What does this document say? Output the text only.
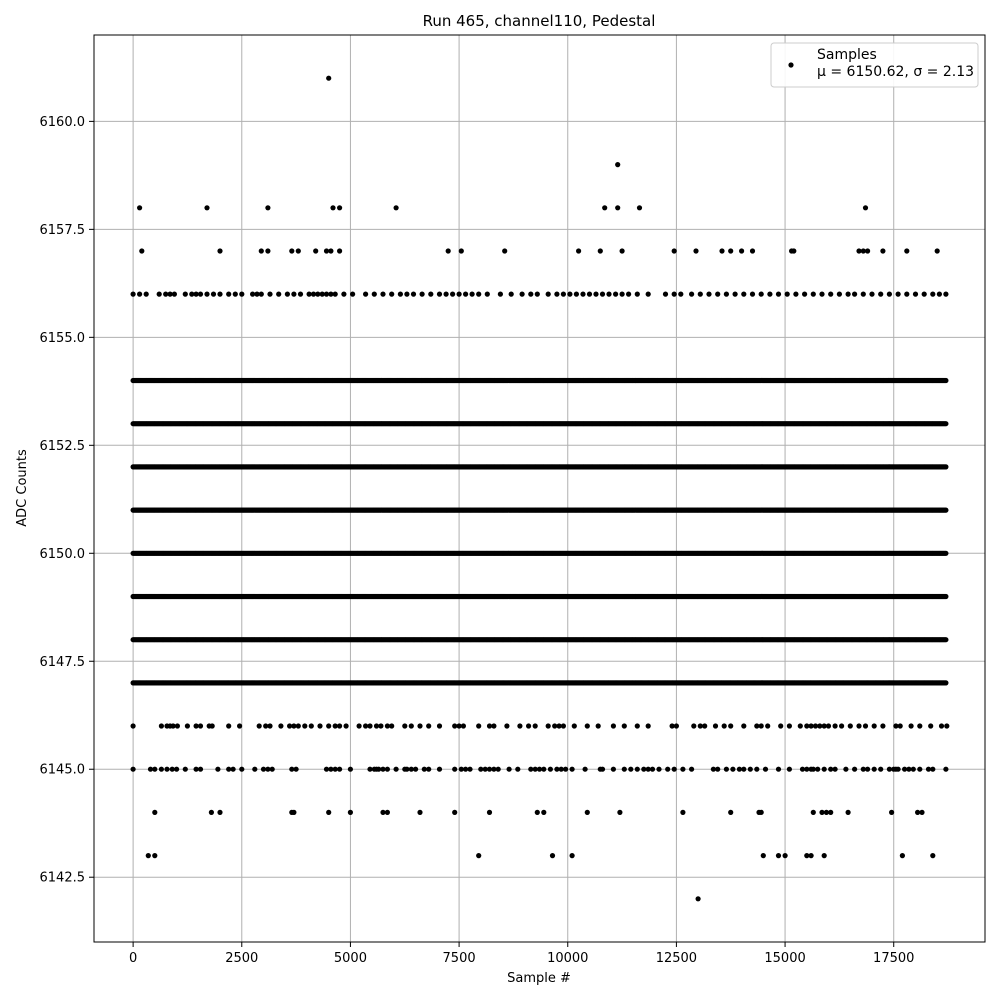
Run 465, channel110, Pedestal
0	2500	5000	7500	10000	12500	15000	17500
6142.5
6145.0
6147.5
6150.0
6152.5
6155.0
6157.5
6160.0
Sample #
ADC Counts
Samples
μ = 6150.62, σ = 2.13
